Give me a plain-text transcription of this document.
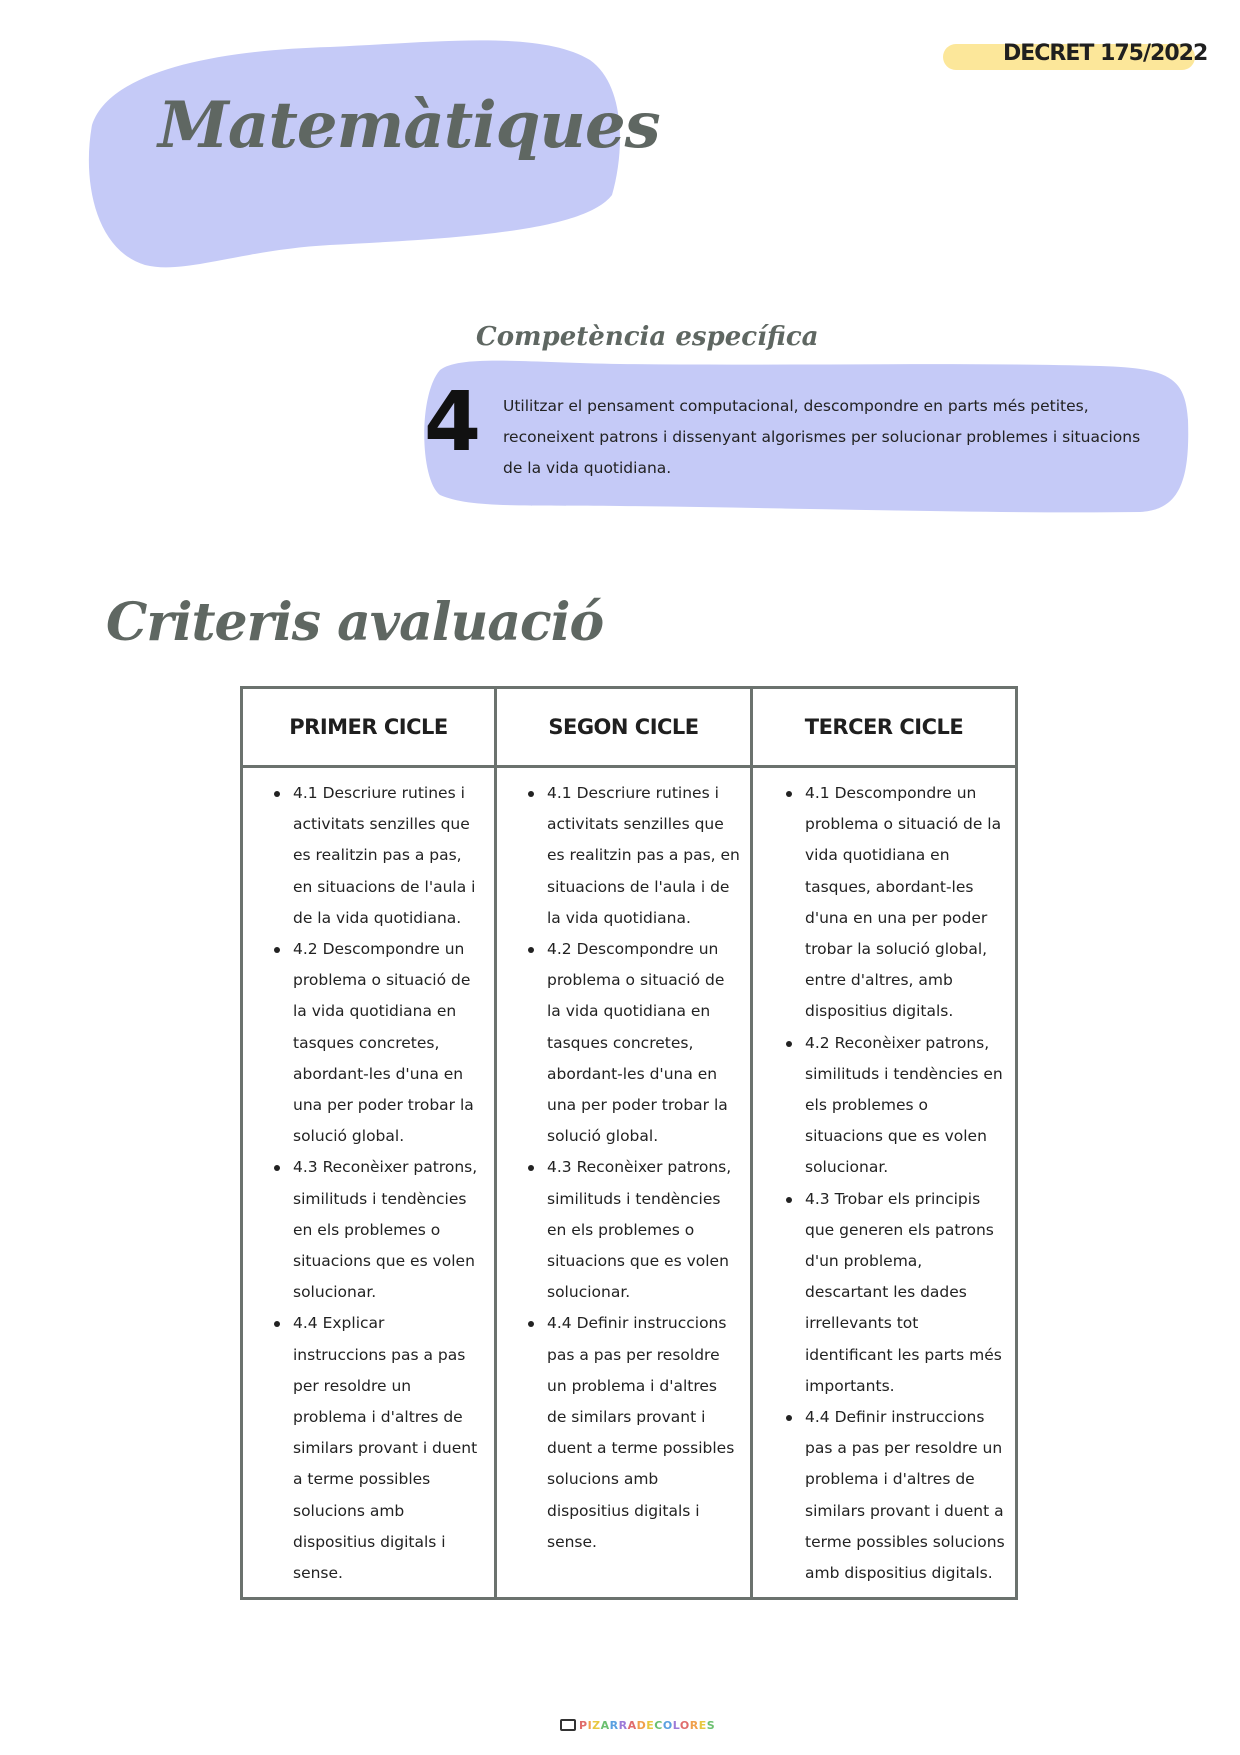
DECRET 175/2022
Matemàtiques
Competència específica
4 Utilitzar el pensament computacional, descompondre en parts més petites, reconeixent patrons i dissenyant algorismes per solucionar problemes i situacions de la vida quotidiana.
Criteris avaluació
PRIMER CICLE	SEGON CICLE	TERCER CICLE
4.1 Descriure rutines i activitats senzilles que es realitzin pas a pas, en situacions de l'aula i de la vida quotidiana.
4.2 Descompondre un problema o situació de la vida quotidiana en tasques concretes, abordant-les d'una en una per poder trobar la solució global.
4.3 Reconèixer patrons, similituds i tendències en els problemes o situacions que es volen solucionar.
4.4 Explicar instruccions pas a pas per resoldre un problema i d'altres de similars provant i duent a terme possibles solucions amb dispositius digitals i sense.
4.1 Descriure rutines i activitats senzilles que es realitzin pas a pas, en situacions de l'aula i de la vida quotidiana.
4.2 Descompondre un problema o situació de la vida quotidiana en tasques concretes, abordant-les d'una en una per poder trobar la solució global.
4.3 Reconèixer patrons, similituds i tendències en els problemes o situacions que es volen solucionar.
4.4 Definir instruccions pas a pas per resoldre un problema i d'altres de similars provant i duent a terme possibles solucions amb dispositius digitals i sense.
4.1 Descompondre un problema o situació de la vida quotidiana en tasques, abordant-les d'una en una per poder trobar la solució global, entre d'altres, amb dispositius digitals.
4.2 Reconèixer patrons, similituds i tendències en els problemes o situacions que es volen solucionar.
4.3 Trobar els principis que generen els patrons d'un problema, descartant les dades irrellevants tot identificant les parts més importants.
4.4 Definir instruccions pas a pas per resoldre un problema i d'altres de similars provant i duent a terme possibles solucions amb dispositius digitals.
PIZARRADECOLORES
